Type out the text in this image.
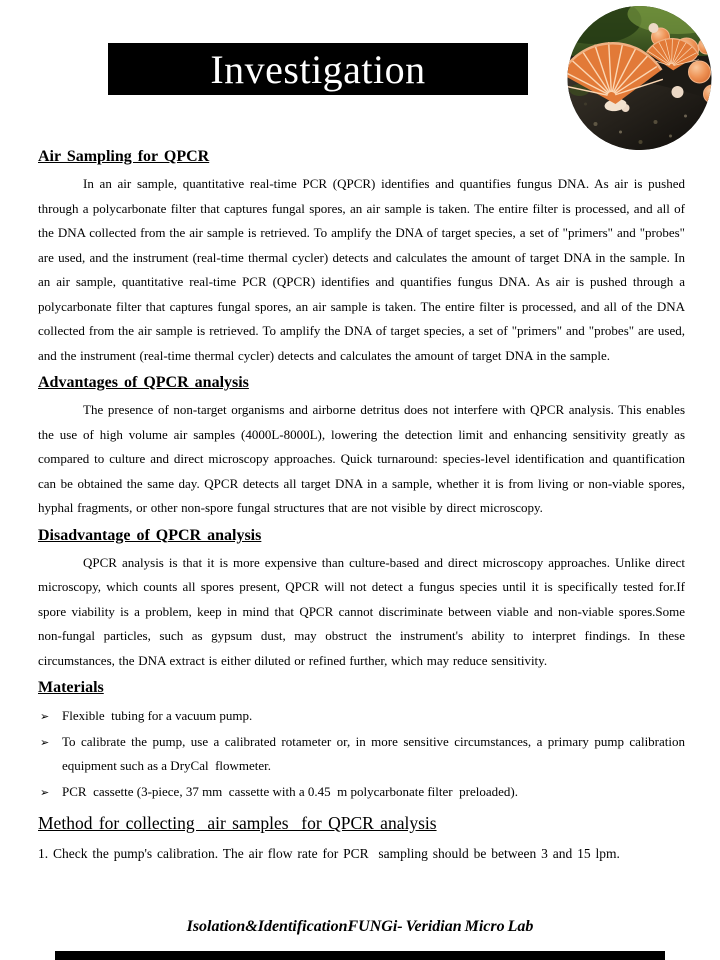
Investigation
Air Sampling for QPCR

In an air sample, quantitative real-time PCR (QPCR) identifies and quantifies fungus DNA. As air is pushed through a polycarbonate filter that captures fungal spores, an air sample is taken. The entire filter is processed, and all of the DNA collected from the air sample is retrieved. To amplify the DNA of target species, a set of "primers" and "probes" are used, and the instrument (real-time thermal cycler) detects and calculates the amount of target DNA in the sample. In an air sample, quantitative real-time PCR (QPCR) identifies and quantifies fungus DNA. As air is pushed through a polycarbonate filter that captures fungal spores, an air sample is taken. The entire filter is processed, and all of the DNA collected from the air sample is retrieved. To amplify the DNA of target species, a set of "primers" and "probes" are used, and the instrument (real-time thermal cycler) detects and calculates the amount of target DNA in the sample.

Advantages of QPCR analysis

The presence of non-target organisms and airborne detritus does not interfere with QPCR analysis. This enables the use of high volume air samples (4000L-8000L), lowering the detection limit and enhancing sensitivity greatly as compared to culture and direct microscopy approaches. Quick turnaround: species-level identification and quantification can be obtained the same day. QPCR detects all target DNA in a sample, whether it is from living or non-viable spores, hyphal fragments, or other non-spore fungal structures that are not visible by direct microscopy.

Disadvantage of QPCR analysis

QPCR analysis is that it is more expensive than culture-based and direct microscopy approaches. Unlike direct microscopy, which counts all spores present, QPCR will not detect a fungus species until it is specifically tested for.If spore viability is a problem, keep in mind that QPCR cannot discriminate between viable and non-viable spores.Some non-fungal particles, such as gypsum dust, may obstruct the instrument's ability to interpret findings. In these circumstances, the DNA extract is either diluted or refined further, which may reduce sensitivity.

Materials
➢ Flexible  tubing for a vacuum pump.
➢ To calibrate the pump, use a calibrated rotameter or, in more sensitive circumstances, a primary pump calibration equipment such as a DryCal  flowmeter.
➢ PCR  cassette (3-piece, 37 mm  cassette with a 0.45  m polycarbonate filter  preloaded).
Method for collecting  air samples  for QPCR analysis

1. Check the pump's calibration. The air flow rate for PCR  sampling should be between 3 and 15 lpm.

Isolation&IdentificationFUNGi- Veridian Micro Lab
